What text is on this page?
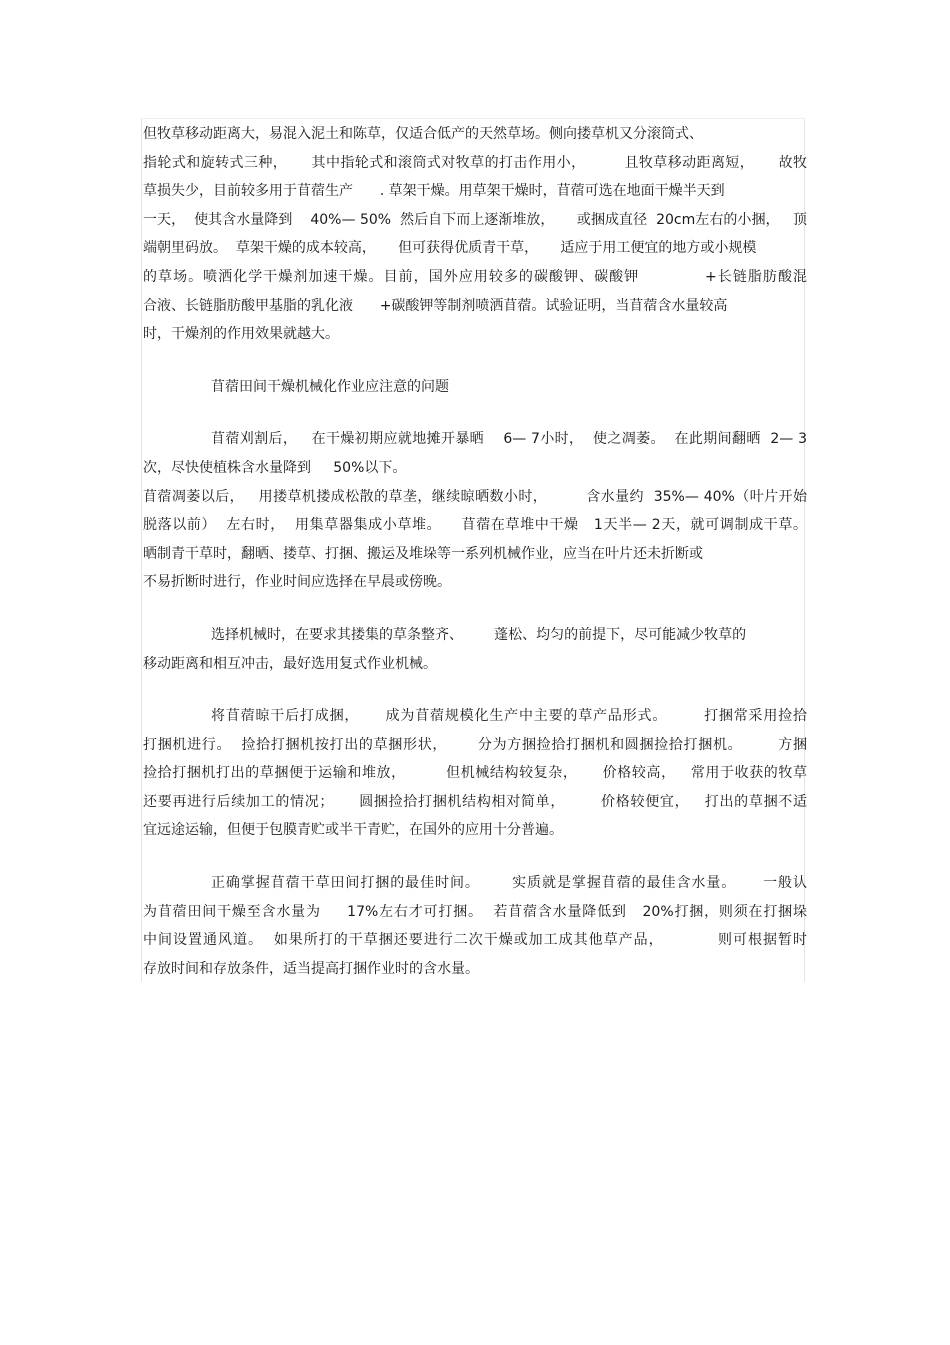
但牧草移动距离大，易混入泥土和陈草，仅适合低产的天然草场。侧向搂草机又分滚筒式、
指轮式和旋转式三种，     其中指轮式和滚筒式对牧草的打击作用小，        且牧草移动距离短，     故牧
草损失少，目前较多用于苜蓿生产      . 草架干燥。用草架干燥时，苜蓿可选在地面干燥半天到
一天，  使其含水量降到    40%— 50%  然后自下而上逐渐堆放，     或捆成直径  20cm左右的小捆，   顶
端朝里码放。  草架干燥的成本较高，     但可获得优质青干草，     适应于用工便宜的地方或小规模
的草场。喷洒化学干燥剂加速干燥。目前，国外应用较多的碳酸钾、碳酸钾            +长链脂肪酸混
合液、长链脂肪酸甲基脂的乳化液      +碳酸钾等制剂喷洒苜蓿。试验证明，当苜蓿含水量较高
时，干燥剂的作用效果就越大。
苜蓿田间干燥机械化作业应注意的问题
苜蓿刈割后，   在干燥初期应就地摊开暴晒    6— 7小时，  使之凋萎。  在此期间翻晒  2— 3
次，尽快使植株含水量降到     50%以下。
苜蓿凋萎以后，   用搂草机搂成松散的草垄，继续晾晒数小时，        含水量约  35%— 40%（叶片开始
脱落以前）  左右时，  用集草器集成小草堆。    苜蓿在草堆中干燥   1天半— 2天，就可调制成干草。
晒制青干草时，翻晒、搂草、打捆、搬运及堆垛等一系列机械作业，应当在叶片还未折断或
不易折断时进行，作业时间应选择在早晨或傍晚。
选择机械时，在要求其搂集的草条整齐、       蓬松、均匀的前提下，尽可能减少牧草的
移动距离和相互冲击，最好选用复式作业机械。
将苜蓿晾干后打成捆，     成为苜蓿规模化生产中主要的草产品形式。       打捆常采用捡拾
打捆机进行。  捡拾打捆机按打出的草捆形状，      分为方捆捡拾打捆机和圆捆捡拾打捆机。       方捆
捡拾打捆机打出的草捆便于运输和堆放，        但机械结构较复杂，     价格较高，   常用于收获的牧草
还要再进行后续加工的情况；     圆捆捡拾打捆机结构相对简单，       价格较便宜，   打出的草捆不适
宜远途运输，但便于包膜青贮或半干青贮，在国外的应用十分普遍。
正确掌握苜蓿干草田间打捆的最佳时间。      实质就是掌握苜蓿的最佳含水量。     一般认
为苜蓿田间干燥至含水量为     17%左右才可打捆。  若苜蓿含水量降低到   20%打捆，则须在打捆垛
中间设置通风道。  如果所打的干草捆还要进行二次干燥或加工成其他草产品，          则可根据暂时
存放时间和存放条件，适当提高打捆作业时的含水量。
